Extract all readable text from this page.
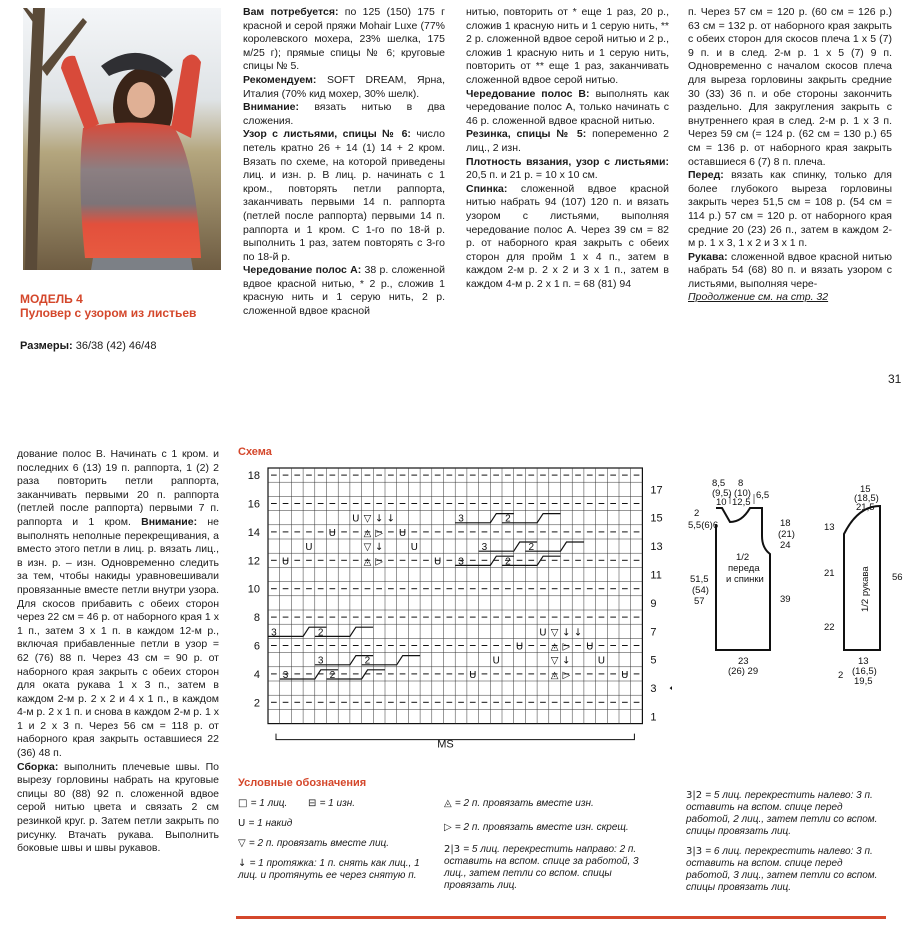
МОДЕЛЬ 4
Пуловер с узором из листьев
Размеры: 36/38 (42) 46/48

Вам потребуется: по 125 (150) 175 г красной и серой пряжи Mohair Luxe (77% королевского мохера, 23% шелка, 175 м/25 г); прямые спицы № 6; круговые спицы № 5.

Рекомендуем: SOFT DREAM, Ярна, Италия (70% кид мохер, 30% шелк).

Внимание: вязать нитью в два сложения.

Узор с листьями, спицы № 6: число петель кратно 26 + 14 (1) 14 + 2 кром. Вязать по схеме, на которой приведены лиц. и изн. р. В лиц. р. начинать с 1 кром., повторять петли раппорта, заканчивать первыми 14 п. раппорта (петлей после раппорта) первыми 14 п. раппорта и 1 кром. С 1-го по 18-й р. выполнить 1 раз, затем повторять с 3-го по 18-й р.

Чередование полос А: 38 р. сложенной вдвое красной нитью, * 2 р., сложив 1 красную нить и 1 серую нить, 2 р. сложенной вдвое красной

нитью, повторить от * еще 1 раз, 20 р., сложив 1 красную нить и 1 серую нить, ** 2 р. сложенной вдвое серой нитью и 2 р., сложив 1 красную нить и 1 серую нить, повторить от ** еще 1 раз, заканчивать сложенной вдвое серой нитью.

Чередование полос В: выполнять как чередование полос А, только начинать с 46 р. сложенной вдвое красной нитью.

Резинка, спицы № 5: попеременно 2 лиц., 2 изн.

Плотность вязания, узор с листьями: 20,5 п. и 21 р. = 10 х 10 см.

Спинка: сложенной вдвое красной нитью набрать 94 (107) 120 п. и вязать узором с листьями, выполняя чередование полос А. Через 39 см = 82 р. от наборного края закрыть с обеих сторон для пройм 1 х 4 п., затем в каждом 2-м р. 2 х 2 и 3 х 1 п., затем в каждом 4-м р. 2 х 1 п. = 68 (81) 94

п. Через 57 см = 120 р. (60 см = 126 р.) 63 см = 132 р. от наборного края закрыть с обеих сторон для скосов плеча 1 х 5 (7) 9 п. и в след. 2-м р. 1 х 5 (7) 9 п. Одновременно с началом скосов плеча для выреза горловины закрыть средние 30 (33) 36 п. и обе стороны закончить раздельно. Для закругления закрыть с внутреннего края в след. 2-м р. 1 х 3 п. Через 59 см (= 124 р. (62 см = 130 р.) 65 см = 136 р. от наборного края закрыть оставшиеся 6 (7) 8 п. плеча.

Перед: вязать как спинку, только для более глубокого выреза горловины закрыть через 51,5 см = 108 р. (54 см = 114 р.) 57 см = 120 р. от наборного края средние 20 (23) 26 п., затем в каждом 2-м р. 1 х 3, 1 х 2 и 3 х 1 п.

Рукава: сложенной вдвое красной нитью набрать 54 (68) 80 п. и вязать узором с листьями, выполняя чере-

Продолжение см. на стр. 32

31

дование полос В. Начинать с 1 кром. и последних 6 (13) 19 п. раппорта, 1 (2) 2 раза повторить петли раппорта, заканчивать первыми 20 п. раппорта (петлей после раппорта) первыми 7 п. раппорта и 1 кром. Внимание: не выполнять неполные перекрещивания, а вместо этого петли в лиц. р. вязать лиц., в изн. р. – изн. Одновременно следить за тем, чтобы накиды уравновешивали провязанные вместе петли внутри узора. Для скосов прибавить с обеих сторон через 22 см = 46 р. от наборного края 1 х 1 п., затем 3 х 1 п. в каждом 12-м р., включая прибавленные петли в узор = 62 (76) 88 п. Через 43 см = 90 р. от наборного края закрыть с обеих сторон для оката рукава 1 х 3 п., затем в каждом 2-м р. 2 х 2 и 4 х 1 п., в каждом 4-м р. 2 х 1 п. и снова в каждом 2-м р. 1 х 1 и 2 х 3 п. Через 56 см = 118 р. от наборного края закрыть оставшиеся 22 (36) 48 п.

Сборка: выполнить плечевые швы. По вырезу горловины набрать на круговые спицы 80 (88) 92 п. сложенной вдвое серой нитью цвета и связать 2 см резинкой круг. р. Затем петли закрыть по рисунку. Втачать рукава. Выполнить боковые швы и швы рукавов.

Схема
U ▽ ↓ ↓
U	◬ ▷ U
U	▽ ↓	U
U	◬ ▷	U
U ▽ ↓ ↓
U	◬ ▷ U
U	▽ ↓	U
U	◬ ▷	U
3	2
3	2
3	2
3	2
3	2
3	2
18
16
14
12
10
8
6
4
2
17
15
13
11
9
7
5
3
1
MS
8,5
(9,5)
10
8
(10)
12,5
6,5
2
5,5(6)6	18
(21)
24
51,5
(54)
57	39
1/2
переда
и спинки
23
(26) 29
15
(18,5)
21,5
13
21
22
56
1/2 рукава
13
(16,5)
19,5
2
Условные обозначения
□ = 1 лиц.	⊟ = 1 изн.
U = 1 накид
▽ = 2 п. провязать вместе лиц.
↓ = 1 протяжка: 1 п. снять как лиц., 1 лиц. и протянуть ее через снятую п.
◬ = 2 п. провязать вместе изн.
▷ = 2 п. провязать вместе изн. скрещ.
2|3 = 5 лиц. перекрестить направо: 2 п. оставить на вспом. спице за работой, 3 лиц., затем петли со вспом. спицы провязать лиц.
3|2 = 5 лиц. перекрестить налево: 3 п. оставить на вспом. спице перед работой, 2 лиц., затем петли со вспом. спицы провязать лиц.
3|3 = 6 лиц. перекрестить налево: 3 п. оставить на вспом. спице перед работой, 3 лиц., затем петли со вспом. спицы провязать лиц.
